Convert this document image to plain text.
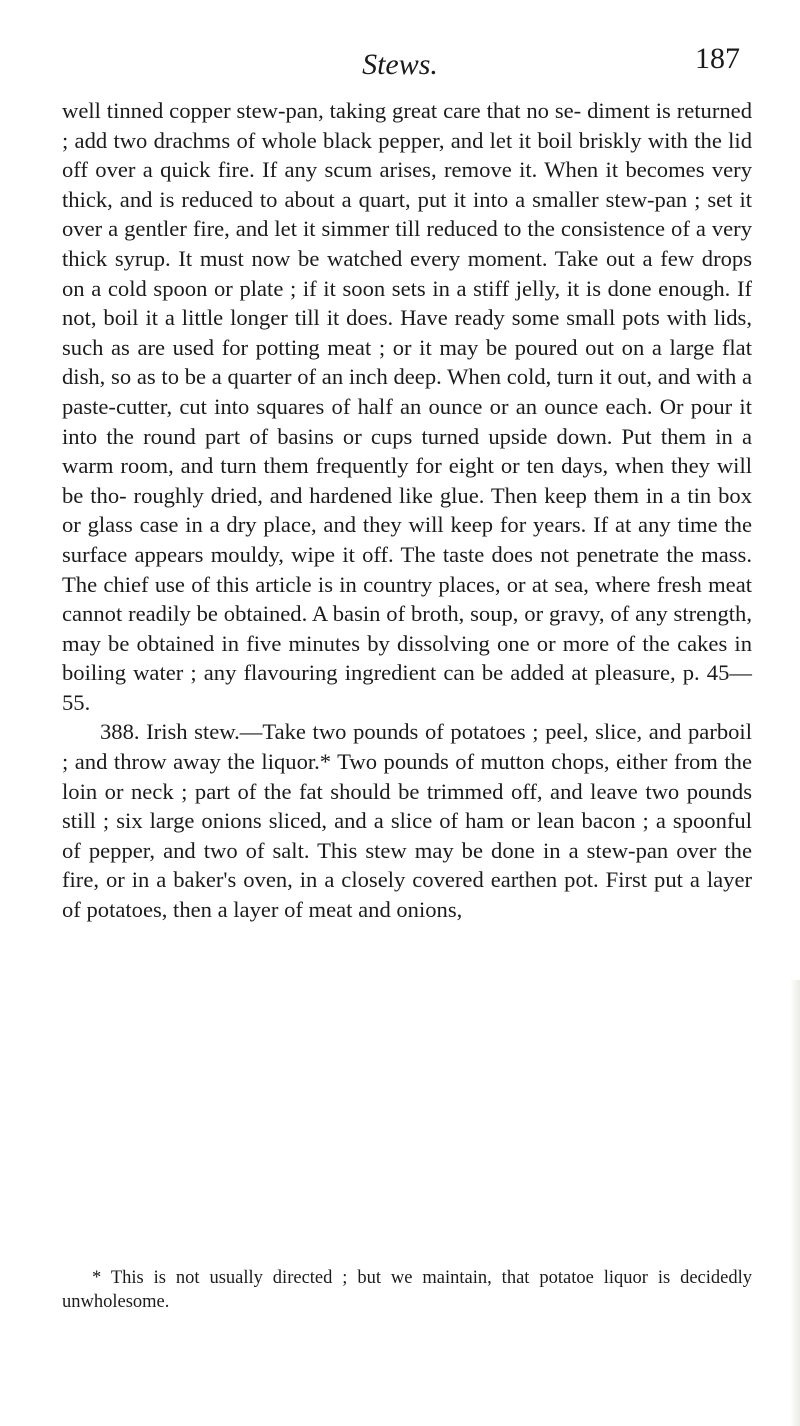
Stews.	187

well tinned copper stew-pan, taking great care that no se- diment is returned ; add two drachms of whole black pepper, and let it boil briskly with the lid off over a quick fire. If any scum arises, remove it. When it becomes very thick, and is reduced to about a quart, put it into a smaller stew-pan ; set it over a gentler fire, and let it simmer till reduced to the consistence of a very thick syrup. It must now be watched every moment. Take out a few drops on a cold spoon or plate ; if it soon sets in a stiff jelly, it is done enough. If not, boil it a little longer till it does. Have ready some small pots with lids, such as are used for potting meat ; or it may be poured out on a large flat dish, so as to be a quarter of an inch deep. When cold, turn it out, and with a paste-cutter, cut into squares of half an ounce or an ounce each. Or pour it into the round part of basins or cups turned upside down. Put them in a warm room, and turn them frequently for eight or ten days, when they will be tho- roughly dried, and hardened like glue. Then keep them in a tin box or glass case in a dry place, and they will keep for years. If at any time the surface appears mouldy, wipe it off. The taste does not penetrate the mass. The chief use of this article is in country places, or at sea, where fresh meat cannot readily be obtained. A basin of broth, soup, or gravy, of any strength, may be obtained in five minutes by dissolving one or more of the cakes in boiling water ; any flavouring ingredient can be added at pleasure, p. 45—55.

388. Irish stew.—Take two pounds of potatoes ; peel, slice, and parboil ; and throw away the liquor.* Two pounds of mutton chops, either from the loin or neck ; part of the fat should be trimmed off, and leave two pounds still ; six large onions sliced, and a slice of ham or lean bacon ; a spoonful of pepper, and two of salt. This stew may be done in a stew-pan over the fire, or in a baker's oven, in a closely covered earthen pot. First put a layer of potatoes, then a layer of meat and onions,

* This is not usually directed ; but we maintain, that potatoe liquor is decidedly unwholesome.
